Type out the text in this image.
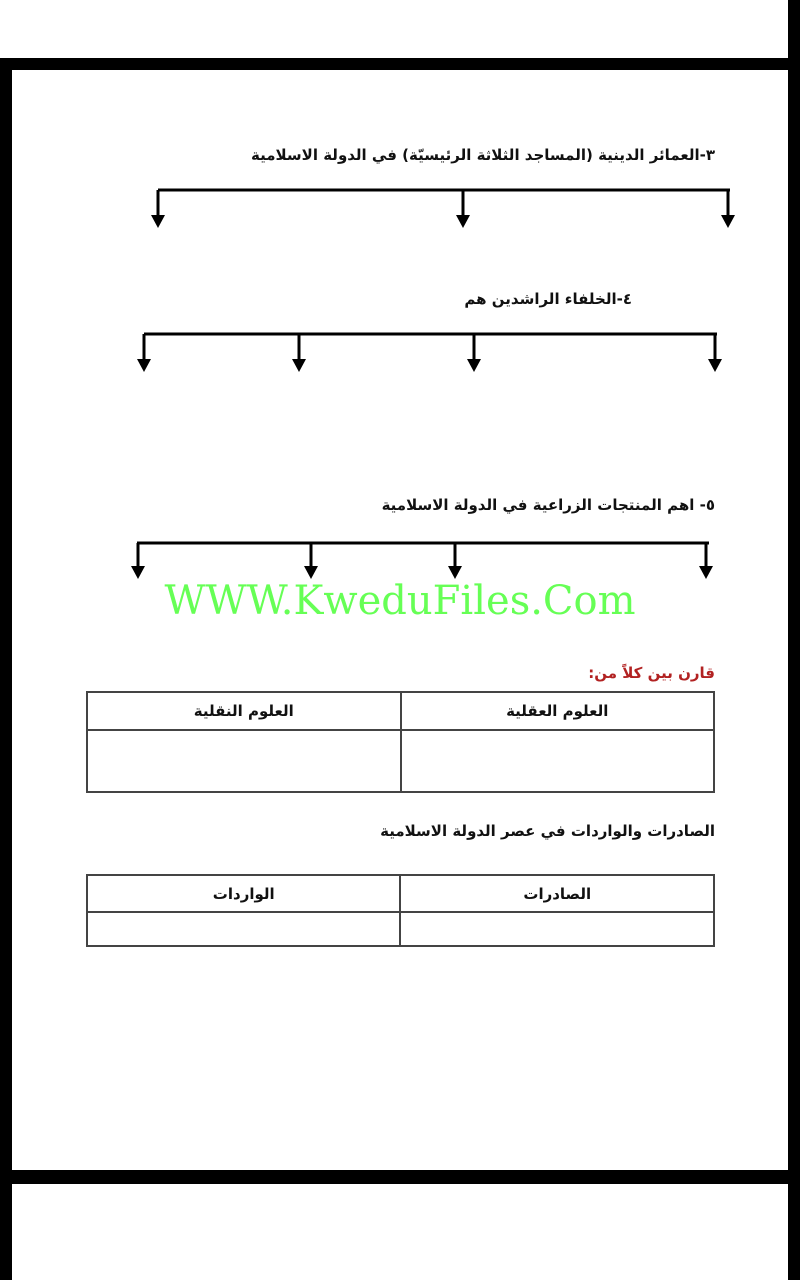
٣-العمائر الدينية (المساجد الثلاثة الرئيسيّة) في الدولة الاسلامية
٤-الخلفاء الراشدين هم
٥- اهم المنتجات الزراعية في الدولة الاسلامية
WWW.KweduFiles.Com
قارن بين كلاً من:
العلوم العقلية	العلوم النقلية

الصادرات والواردات في عصر الدولة الاسلامية
الصادرات	الواردات
